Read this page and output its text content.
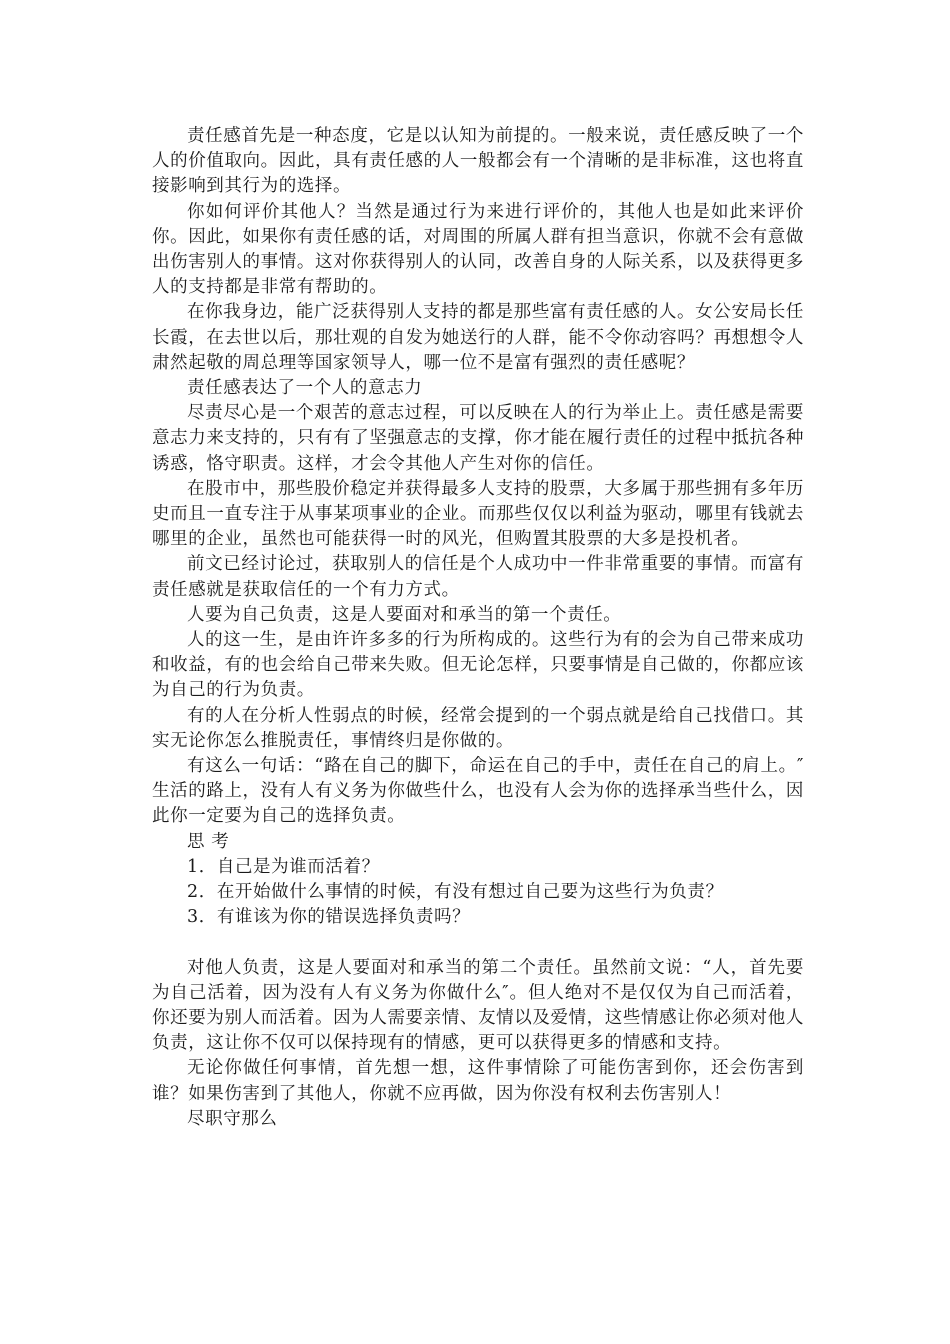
责任感首先是一种态度，它是以认知为前提的。一般来说，责任感反映了一个人的价值取向。因此，具有责任感的人一般都会有一个清晰的是非标准，这也将直接影响到其行为的选择。

你如何评价其他人？当然是通过行为来进行评价的，其他人也是如此来评价你。因此，如果你有责任感的话，对周围的所属人群有担当意识，你就不会有意做出伤害别人的事情。这对你获得别人的认同，改善自身的人际关系，以及获得更多人的支持都是非常有帮助的。

在你我身边，能广泛获得别人支持的都是那些富有责任感的人。女公安局长任长霞，在去世以后，那壮观的自发为她送行的人群，能不令你动容吗？再想想令人肃然起敬的周总理等国家领导人，哪一位不是富有强烈的责任感呢？

责任感表达了一个人的意志力

尽责尽心是一个艰苦的意志过程，可以反映在人的行为举止上。责任感是需要意志力来支持的，只有有了坚强意志的支撑，你才能在履行责任的过程中抵抗各种诱惑，恪守职责。这样，才会令其他人产生对你的信任。

在股市中，那些股价稳定并获得最多人支持的股票，大多属于那些拥有多年历史而且一直专注于从事某项事业的企业。而那些仅仅以利益为驱动，哪里有钱就去哪里的企业，虽然也可能获得一时的风光，但购置其股票的大多是投机者。

前文已经讨论过，获取别人的信任是个人成功中一件非常重要的事情。而富有责任感就是获取信任的一个有力方式。

人要为自己负责，这是人要面对和承当的第一个责任。

人的这一生，是由许许多多的行为所构成的。这些行为有的会为自己带来成功和收益，有的也会给自己带来失败。但无论怎样，只要事情是自己做的，你都应该为自己的行为负责。

有的人在分析人性弱点的时候，经常会提到的一个弱点就是给自己找借口。其实无论你怎么推脱责任，事情终归是你做的。

有这么一句话：“路在自己的脚下，命运在自己的手中，责任在自己的肩上。″生活的路上，没有人有义务为你做些什么，也没有人会为你的选择承当些什么，因此你一定要为自己的选择负责。

思 考

1．自己是为谁而活着？

2．在开始做什么事情的时候，有没有想过自己要为这些行为负责？

3．有谁该为你的错误选择负责吗？

对他人负责，这是人要面对和承当的第二个责任。虽然前文说：“人，首先要为自己活着，因为没有人有义务为你做什么″。但人绝对不是仅仅为自己而活着，你还要为别人而活着。因为人需要亲情、友情以及爱情，这些情感让你必须对他人负责，这让你不仅可以保持现有的情感，更可以获得更多的情感和支持。

无论你做任何事情，首先想一想，这件事情除了可能伤害到你，还会伤害到谁？如果伤害到了其他人，你就不应再做，因为你没有权利去伤害别人！

尽职守那么
